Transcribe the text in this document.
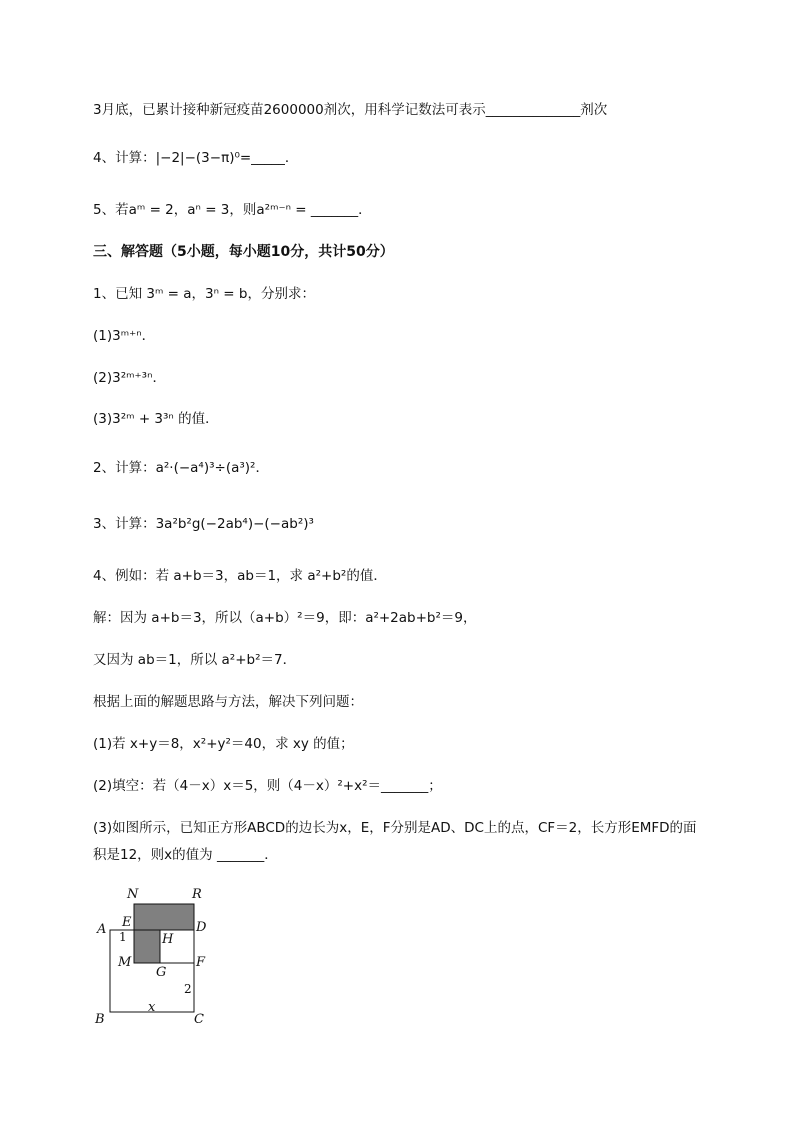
3月底，已累计接种新冠疫苗2600000剂次，用科学记数法可表示______________剂次
4、计算：|−2|−(3−π)⁰=_____．
5、若aᵐ = 2，aⁿ = 3，则a²ᵐ⁻ⁿ = _______．
三、解答题（5小题，每小题10分，共计50分）
1、已知 3ᵐ = a，3ⁿ = b，分别求：
(1)3ᵐ⁺ⁿ．
(2)3²ᵐ⁺³ⁿ．
(3)3²ᵐ + 3³ⁿ 的值．
2、计算：a²·(−a⁴)³÷(a³)²．
3、计算：3a²b²g(−2ab⁴)−(−ab²)³
4、例如：若 a+b＝3，ab＝1，求 a²+b²的值．
解：因为 a+b＝3，所以（a+b）²＝9，即：a²+2ab+b²＝9，
又因为 ab＝1，所以 a²+b²＝7．
根据上面的解题思路与方法，解决下列问题：
(1)若 x+y＝8，x²+y²＝40，求 xy 的值；
(2)填空：若（4－x）x＝5，则（4－x）²+x²＝_______；
(3)如图所示，已知正方形ABCD的边长为x，E，F分别是AD、DC上的点，CF＝2，长方形EMFD的面
积是12，则x的值为 _______．
N	R
A E	D
1	H
M	F
G
2
B
x
C
